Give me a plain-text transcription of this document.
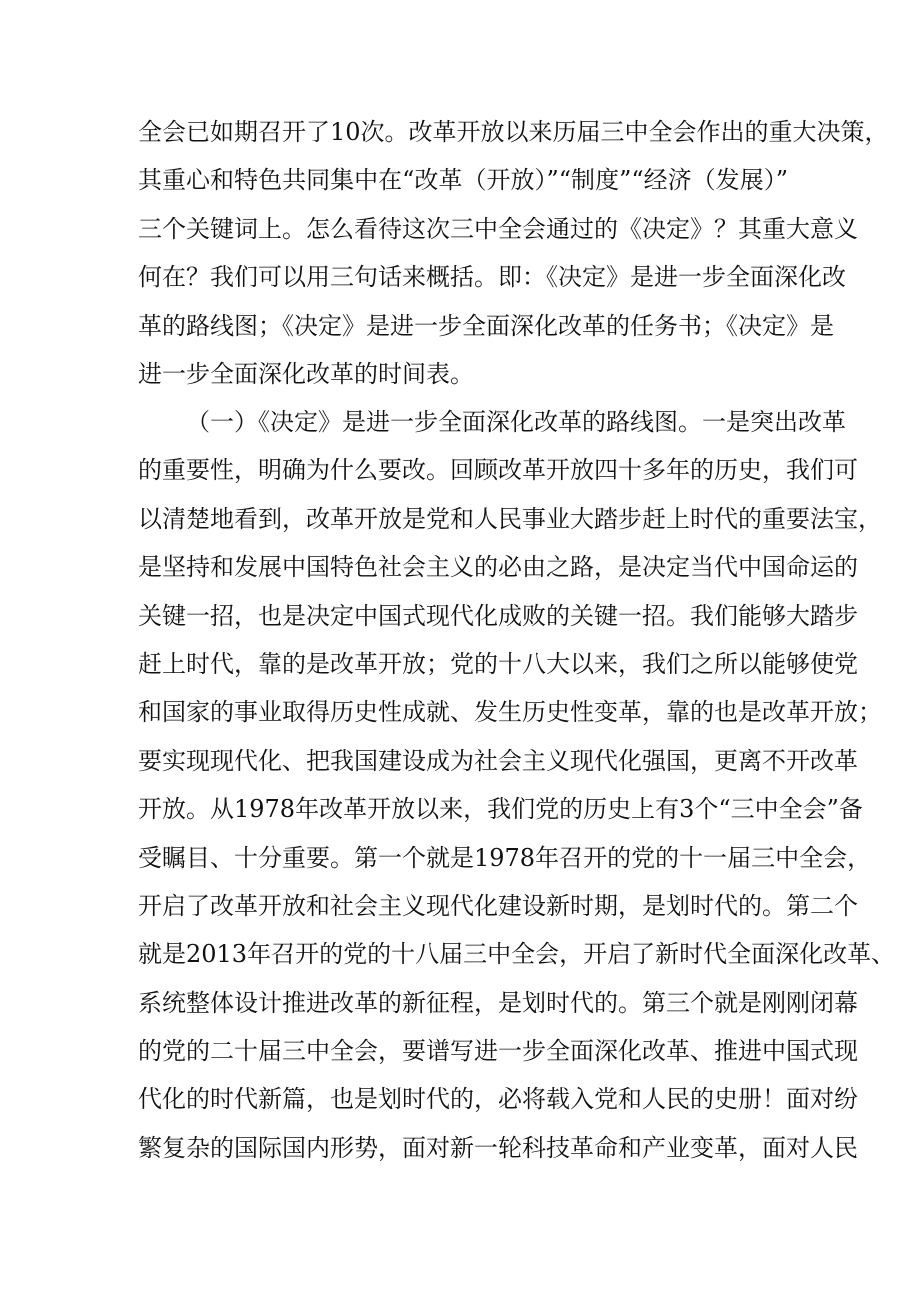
全会已如期召开了10次。改革开放以来历届三中全会作出的重大决策，
其重心和特色共同集中在“改革（开放）”“制度”“经济（发展）”
三个关键词上。怎么看待这次三中全会通过的《决定》？其重大意义
何在？我们可以用三句话来概括。即：《决定》是进一步全面深化改
革的路线图；《决定》是进一步全面深化改革的任务书；《决定》是
进一步全面深化改革的时间表。
（一）《决定》是进一步全面深化改革的路线图。一是突出改革
的重要性，明确为什么要改。回顾改革开放四十多年的历史，我们可
以清楚地看到，改革开放是党和人民事业大踏步赶上时代的重要法宝，
是坚持和发展中国特色社会主义的必由之路，是决定当代中国命运的
关键一招，也是决定中国式现代化成败的关键一招。我们能够大踏步
赶上时代，靠的是改革开放；党的十八大以来，我们之所以能够使党
和国家的事业取得历史性成就、发生历史性变革，靠的也是改革开放；
要实现现代化、把我国建设成为社会主义现代化强国，更离不开改革
开放。从1978年改革开放以来，我们党的历史上有3个“三中全会”备
受瞩目、十分重要。第一个就是1978年召开的党的十一届三中全会，
开启了改革开放和社会主义现代化建设新时期，是划时代的。第二个
就是2013年召开的党的十八届三中全会，开启了新时代全面深化改革、
系统整体设计推进改革的新征程，是划时代的。第三个就是刚刚闭幕
的党的二十届三中全会，要谱写进一步全面深化改革、推进中国式现
代化的时代新篇，也是划时代的，必将载入党和人民的史册！面对纷
繁复杂的国际国内形势，面对新一轮科技革命和产业变革，面对人民
